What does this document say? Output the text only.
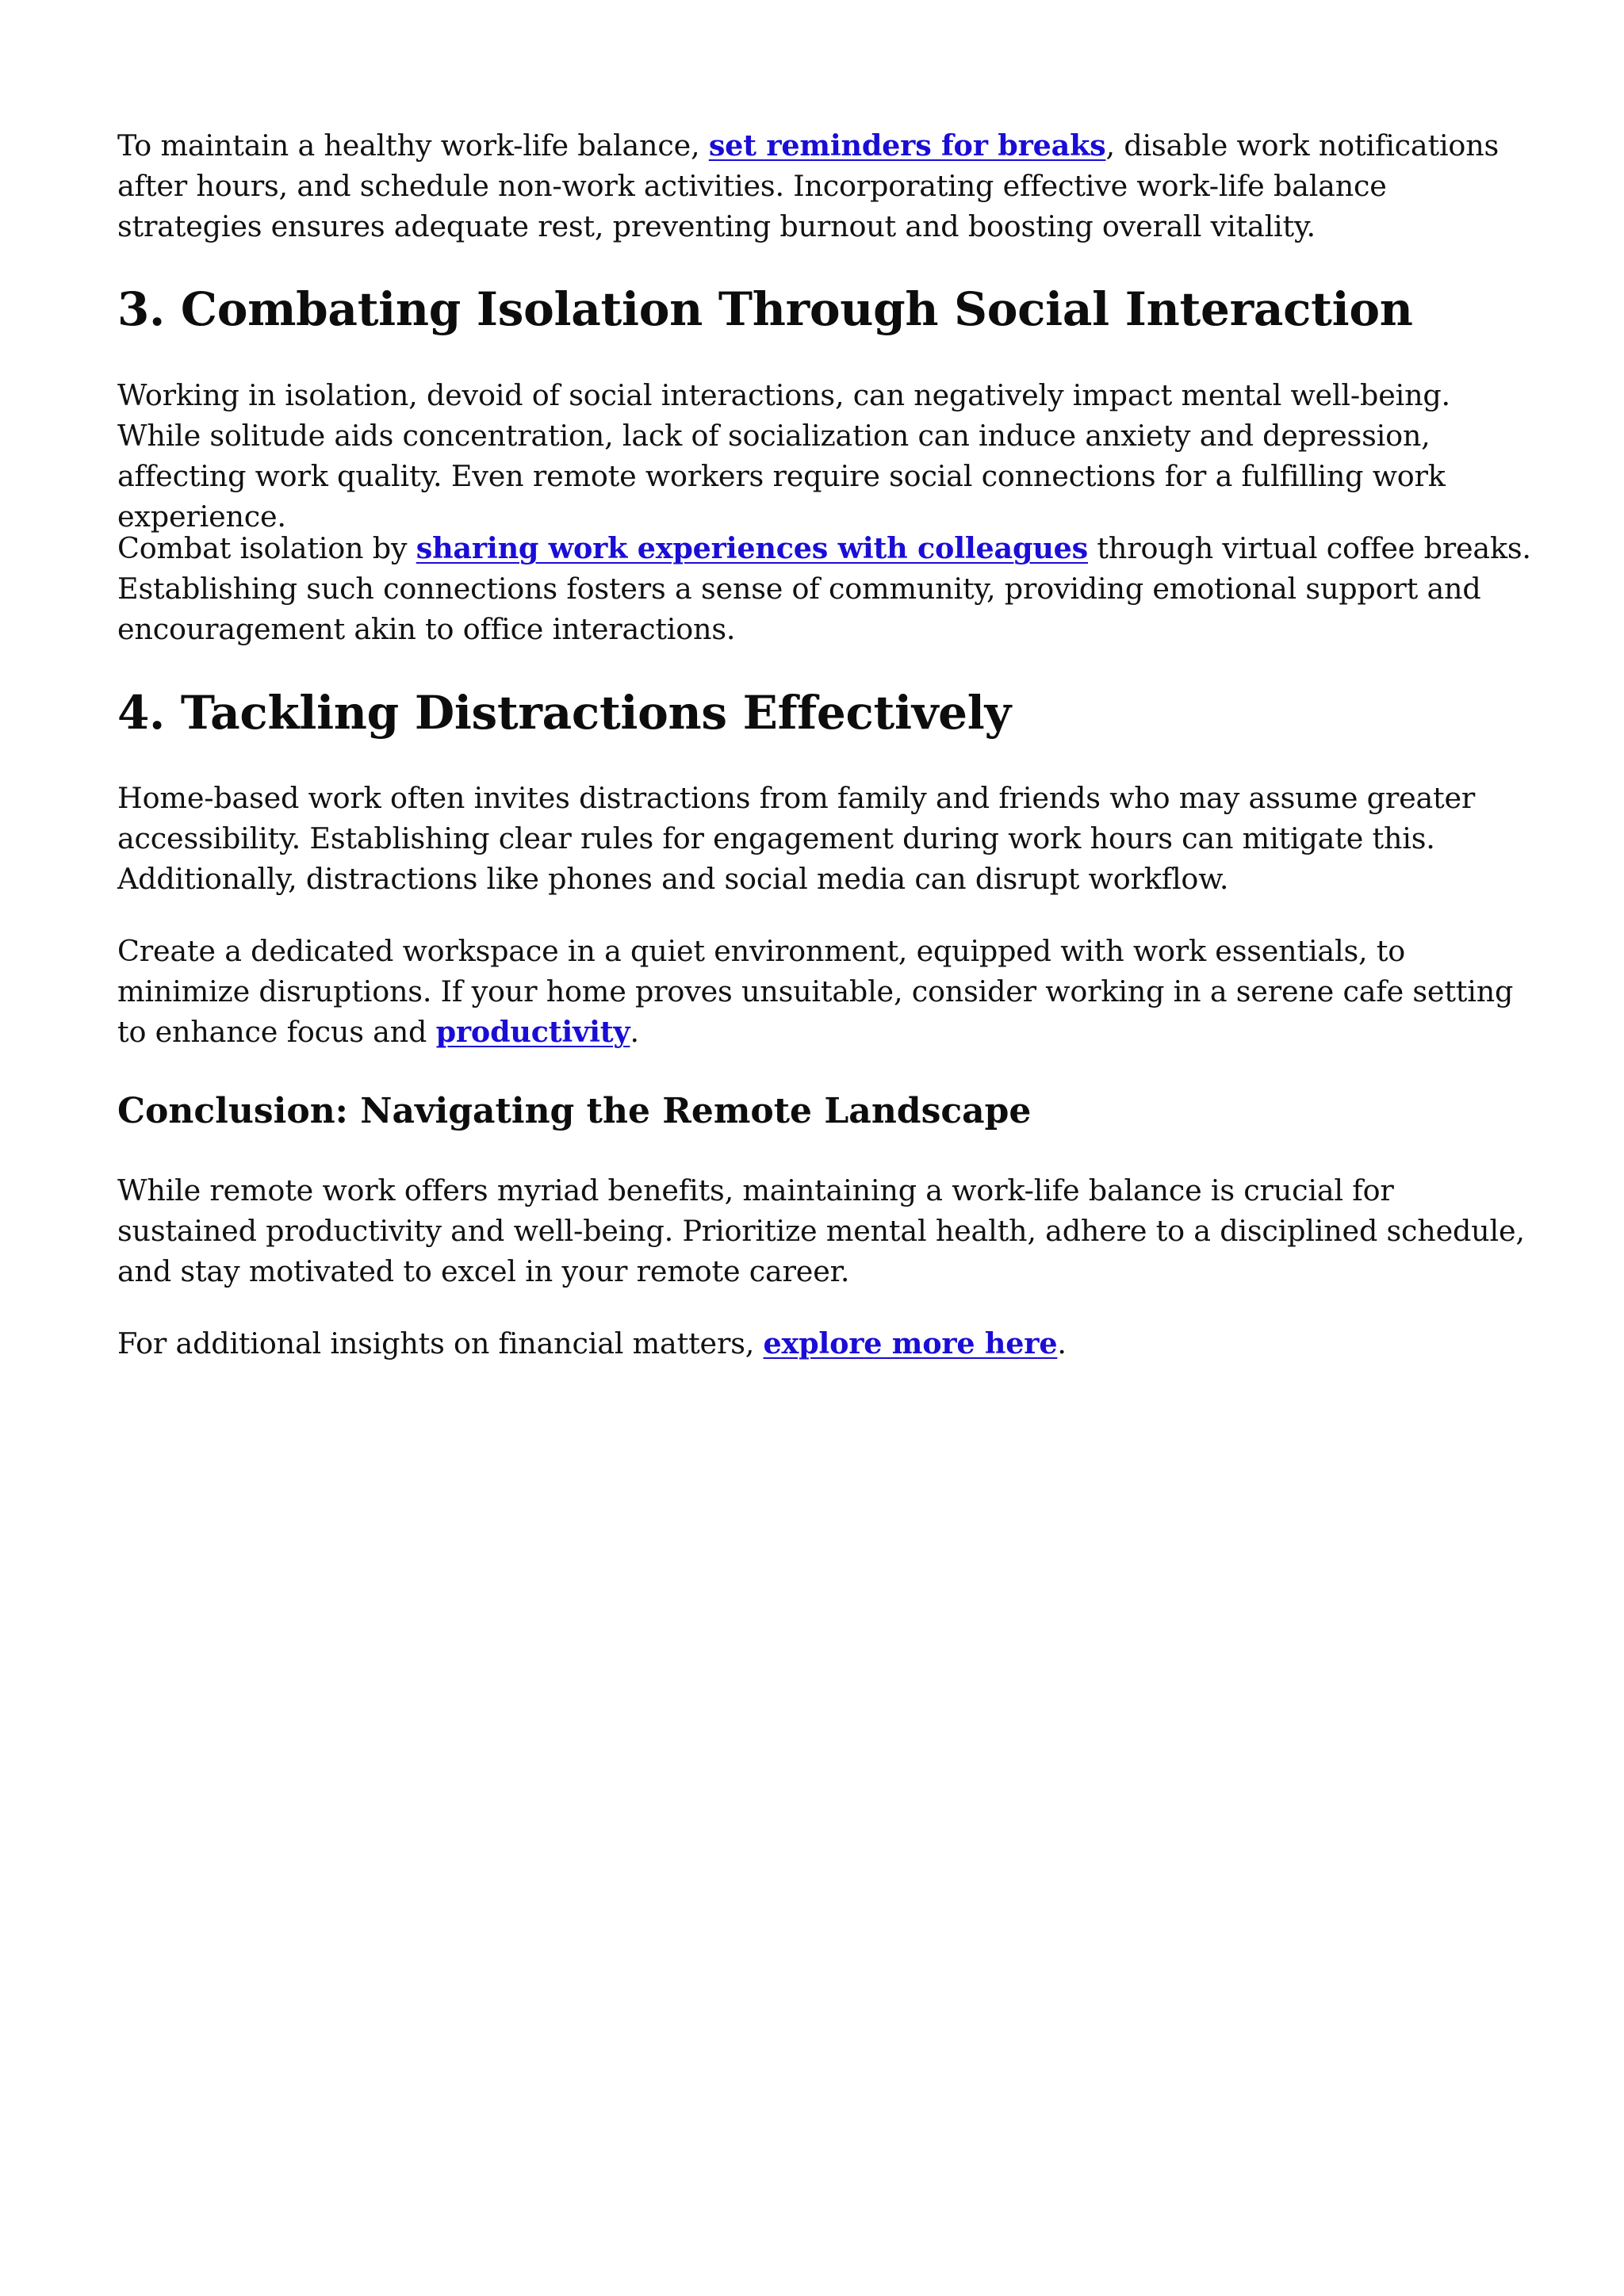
To maintain a healthy work-life balance, set reminders for breaks, disable work notifications after hours, and schedule non-work activities. Incorporating effective work-life balance strategies ensures adequate rest, preventing burnout and boosting overall vitality.

3. Combating Isolation Through Social Interaction

Working in isolation, devoid of social interactions, can negatively impact mental well-being. While solitude aids concentration, lack of socialization can induce anxiety and depression, affecting work quality. Even remote workers require social connections for a fulfilling work experience.

Combat isolation by sharing work experiences with colleagues through virtual coffee breaks. Establishing such connections fosters a sense of community, providing emotional support and encouragement akin to office interactions.

4. Tackling Distractions Effectively

Home-based work often invites distractions from family and friends who may assume greater accessibility. Establishing clear rules for engagement during work hours can mitigate this. Additionally, distractions like phones and social media can disrupt workflow.

Create a dedicated workspace in a quiet environment, equipped with work essentials, to minimize disruptions. If your home proves unsuitable, consider working in a serene cafe setting to enhance focus and productivity.

Conclusion: Navigating the Remote Landscape

While remote work offers myriad benefits, maintaining a work-life balance is crucial for sustained productivity and well-being. Prioritize mental health, adhere to a disciplined schedule, and stay motivated to excel in your remote career.

For additional insights on financial matters, explore more here.
